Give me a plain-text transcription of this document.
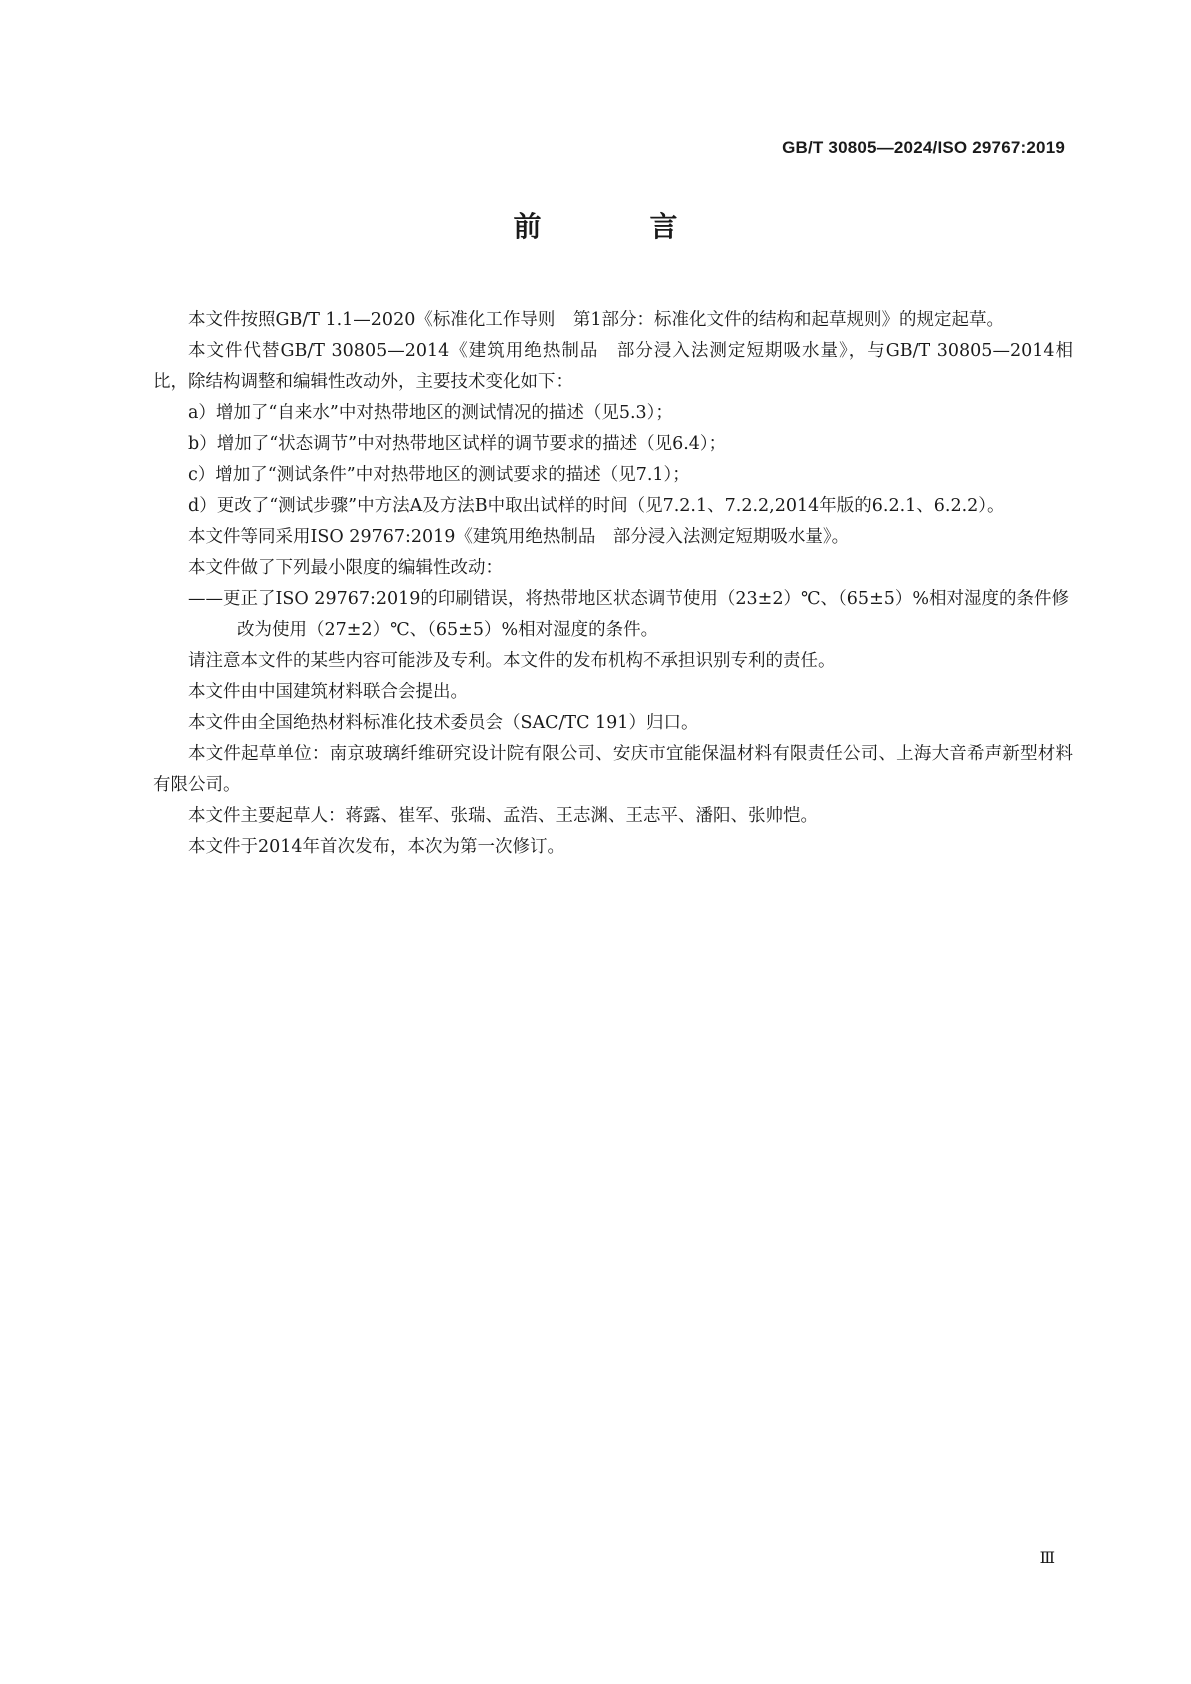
GB/T 30805—2024/ISO 29767:2019
前　言

本文件按照GB/T 1.1—2020《标准化工作导则　第1部分：标准化文件的结构和起草规则》的规定起草。

本文件代替GB/T 30805—2014《建筑用绝热制品　部分浸入法测定短期吸水量》，与GB/T 30805—2014相比，除结构调整和编辑性改动外，主要技术变化如下：

a）增加了“自来水”中对热带地区的测试情况的描述（见5.3）；

b）增加了“状态调节”中对热带地区试样的调节要求的描述（见6.4）；

c）增加了“测试条件”中对热带地区的测试要求的描述（见7.1）；

d）更改了“测试步骤”中方法A及方法B中取出试样的时间（见7.2.1、7.2.2,2014年版的6.2.1、6.2.2）。

本文件等同采用ISO 29767:2019《建筑用绝热制品　部分浸入法测定短期吸水量》。

本文件做了下列最小限度的编辑性改动：

——更正了ISO 29767:2019的印刷错误，将热带地区状态调节使用（23±2）℃、（65±5）%相对湿度的条件修改为使用（27±2）℃、（65±5）%相对湿度的条件。

请注意本文件的某些内容可能涉及专利。本文件的发布机构不承担识别专利的责任。

本文件由中国建筑材料联合会提出。

本文件由全国绝热材料标准化技术委员会（SAC/TC 191）归口。

本文件起草单位：南京玻璃纤维研究设计院有限公司、安庆市宜能保温材料有限责任公司、上海大音希声新型材料有限公司。

本文件主要起草人：蒋露、崔军、张瑞、孟浩、王志渊、王志平、潘阳、张帅恺。

本文件于2014年首次发布，本次为第一次修订。

Ⅲ
